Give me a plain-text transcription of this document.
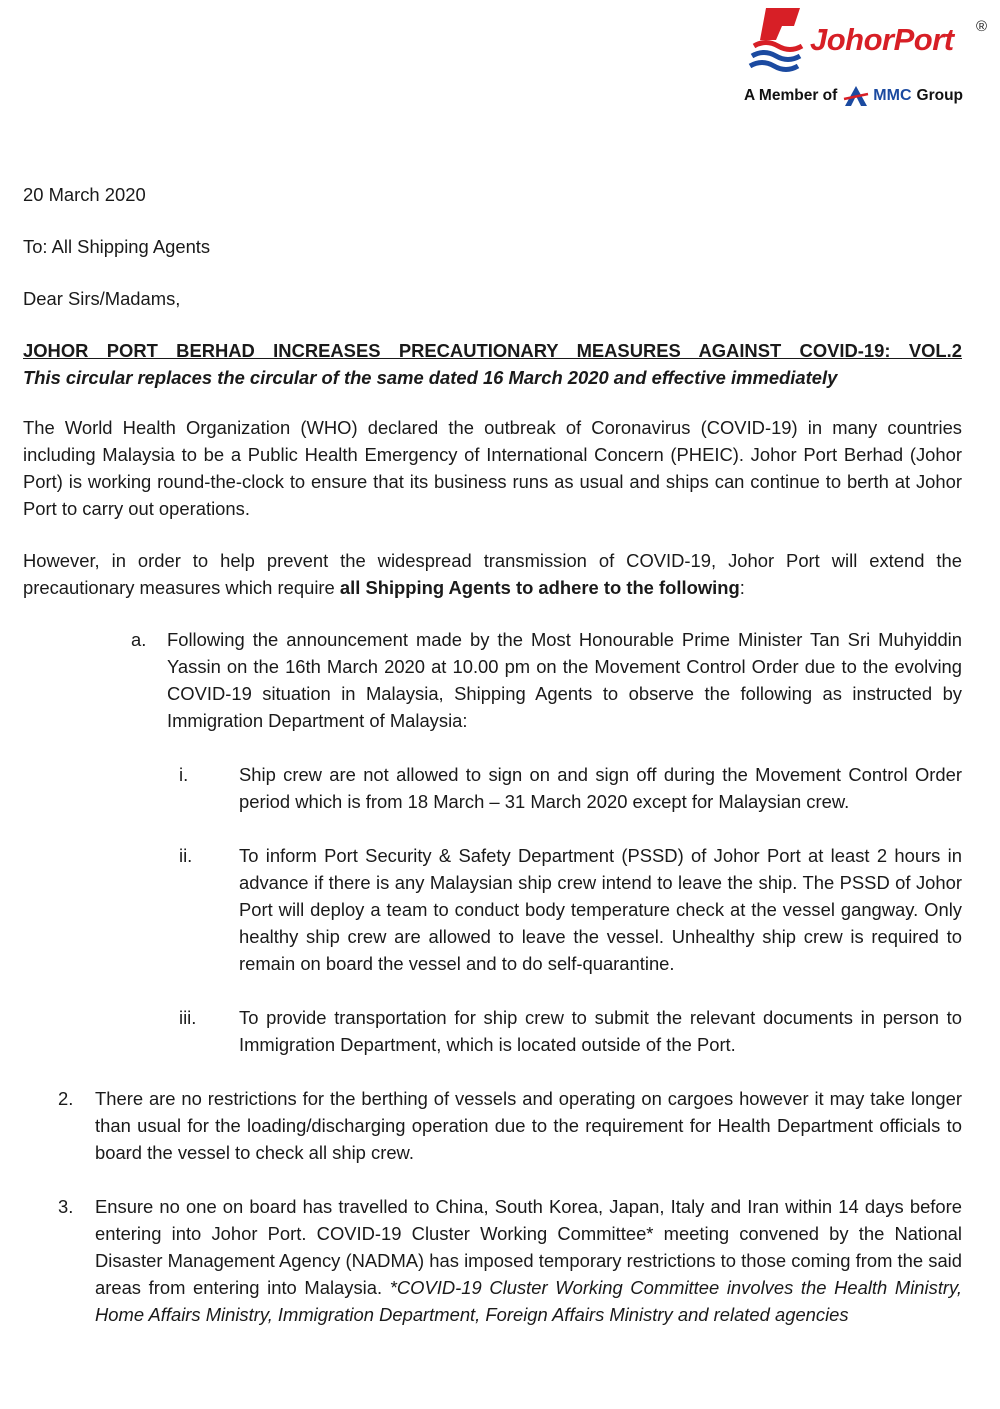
JohorPort ®
A Member of MMC Group

20 March 2020

To: All Shipping Agents

Dear Sirs/Madams,

JOHOR PORT BERHAD INCREASES PRECAUTIONARY MEASURES AGAINST COVID-19: VOL.2

This circular replaces the circular of the same dated 16 March 2020 and effective immediately

The World Health Organization (WHO) declared the outbreak of Coronavirus (COVID-19) in many countries including Malaysia to be a Public Health Emergency of International Concern (PHEIC). Johor Port Berhad (Johor Port) is working round-the-clock to ensure that its business runs as usual and ships can continue to berth at Johor Port to carry out operations.

However, in order to help prevent the widespread transmission of COVID-19, Johor Port will extend the precautionary measures which require all Shipping Agents to adhere to the following:

a. Following the announcement made by the Most Honourable Prime Minister Tan Sri Muhyiddin Yassin on the 16th March 2020 at 10.00 pm on the Movement Control Order due to the evolving COVID-19 situation in Malaysia, Shipping Agents to observe the following as instructed by Immigration Department of Malaysia:
i.	Ship crew are not allowed to sign on and sign off during the Movement Control Order period which is from 18 March – 31 March 2020 except for Malaysian crew.
ii.	To inform Port Security & Safety Department (PSSD) of Johor Port at least 2 hours in advance if there is any Malaysian ship crew intend to leave the ship. The PSSD of Johor Port will deploy a team to conduct body temperature check at the vessel gangway. Only healthy ship crew are allowed to leave the vessel. Unhealthy ship crew is required to remain on board the vessel and to do self-quarantine.
iii.	To provide transportation for ship crew to submit the relevant documents in person to Immigration Department, which is located outside of the Port.
2. There are no restrictions for the berthing of vessels and operating on cargoes however it may take longer than usual for the loading/discharging operation due to the requirement for Health Department officials to board the vessel to check all ship crew.
3. Ensure no one on board has travelled to China, South Korea, Japan, Italy and Iran within 14 days before entering into Johor Port. COVID-19 Cluster Working Committee* meeting convened by the National Disaster Management Agency (NADMA) has imposed temporary restrictions to those coming from the said areas from entering into Malaysia. *COVID-19 Cluster Working Committee involves the Health Ministry, Home Affairs Ministry, Immigration Department, Foreign Affairs Ministry and related agencies
